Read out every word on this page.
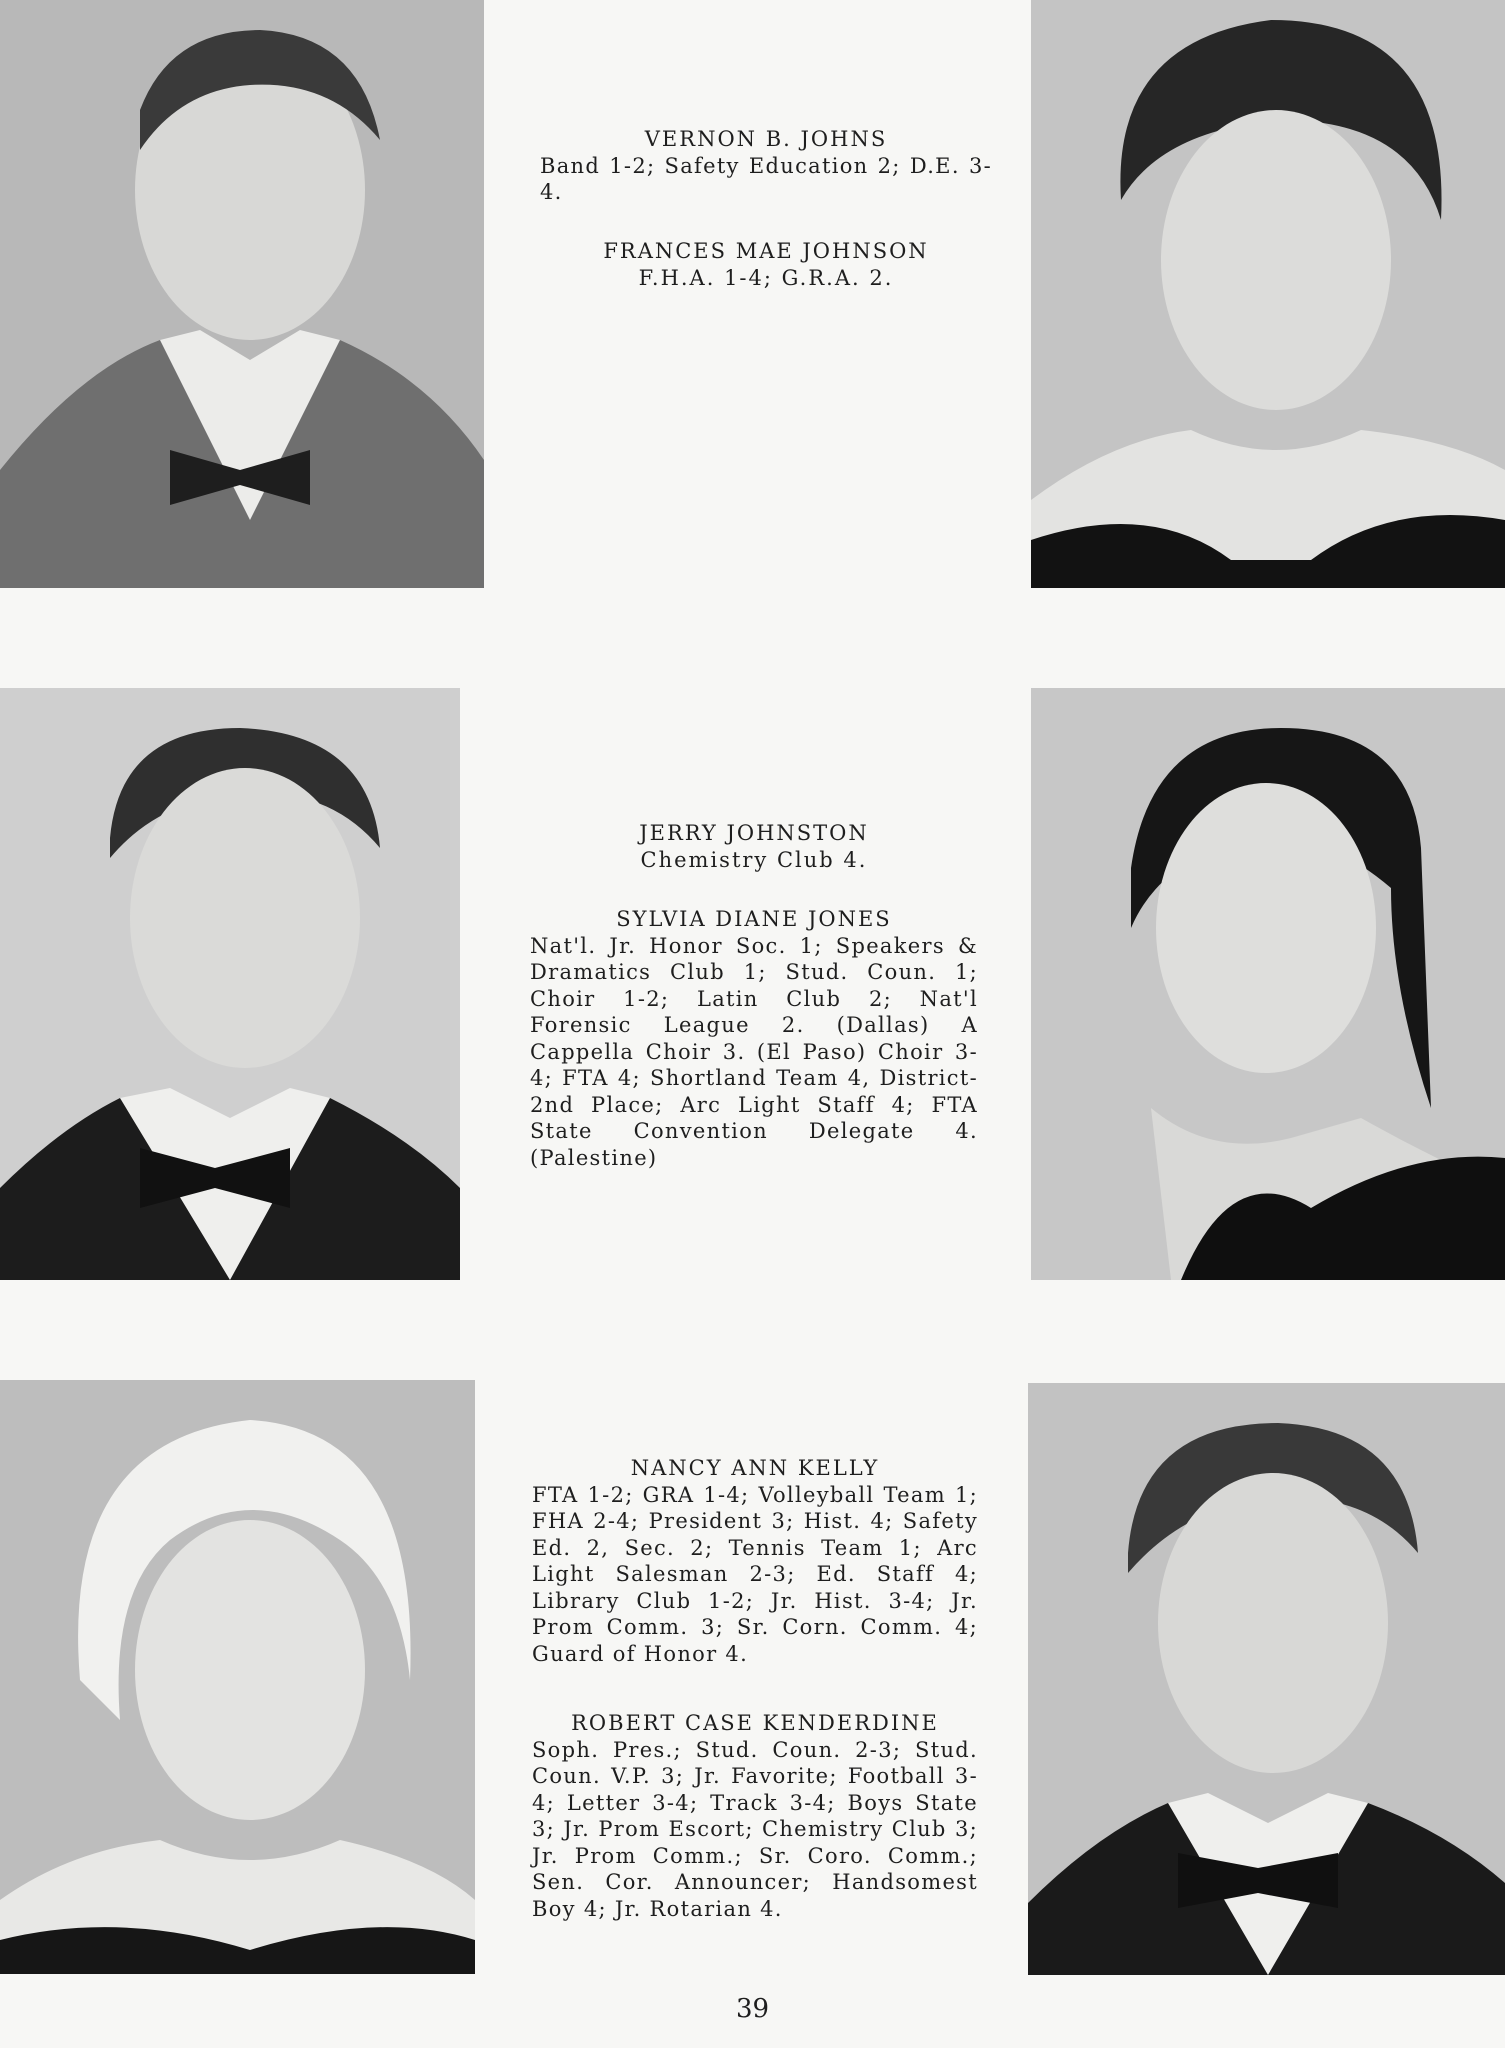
VERNON B. JOHNS
Band 1-2; Safety Education 2; D.E. 3-4.
FRANCES MAE JOHNSON
F.H.A. 1-4; G.R.A. 2.
JERRY JOHNSTON
Chemistry Club 4.
SYLVIA DIANE JONES
Nat'l. Jr. Honor Soc. 1; Speakers & Dramatics Club 1; Stud. Coun. 1; Choir 1-2; Latin Club 2; Nat'l Forensic League 2. (Dallas) A Cappella Choir 3. (El Paso) Choir 3-4; FTA 4; Shortland Team 4, District-2nd Place; Arc Light Staff 4; FTA State Convention Delegate 4. (Palestine)
NANCY ANN KELLY
FTA 1-2; GRA 1-4; Volleyball Team 1; FHA 2-4; President 3; Hist. 4; Safety Ed. 2, Sec. 2; Tennis Team 1; Arc Light Salesman 2-3; Ed. Staff 4; Library Club 1-2; Jr. Hist. 3-4; Jr. Prom Comm. 3; Sr. Corn. Comm. 4; Guard of Honor 4.
ROBERT CASE KENDERDINE
Soph. Pres.; Stud. Coun. 2-3; Stud. Coun. V.P. 3; Jr. Favorite; Football 3-4; Letter 3-4; Track 3-4; Boys State 3; Jr. Prom Escort; Chemistry Club 3; Jr. Prom Comm.; Sr. Coro. Comm.; Sen. Cor. Announcer; Handsomest Boy 4; Jr. Rotarian 4.
39
